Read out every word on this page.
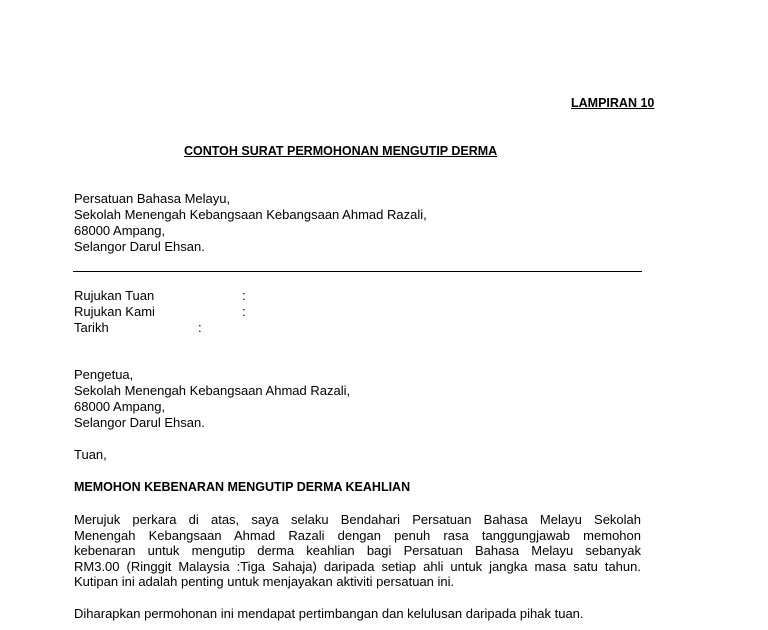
LAMPIRAN 10
CONTOH SURAT PERMOHONAN MENGUTIP DERMA
Persatuan Bahasa Melayu,
Sekolah Menengah Kebangsaan Kebangsaan Ahmad Razali,
68000 Ampang,
Selangor Darul Ehsan.
Rujukan Tuan	:
Rujukan Kami	:
Tarikh	:
Pengetua,
Sekolah Menengah Kebangsaan Ahmad Razali,
68000 Ampang,
Selangor Darul Ehsan.
Tuan,
MEMOHON KEBENARAN MENGUTIP DERMA KEAHLIAN
Merujuk perkara di atas, saya selaku Bendahari Persatuan Bahasa Melayu Sekolah
Menengah Kebangsaan Ahmad Razali dengan penuh rasa tanggungjawab memohon
kebenaran untuk mengutip derma keahlian bagi Persatuan Bahasa Melayu sebanyak
RM3.00 (Ringgit Malaysia :Tiga Sahaja) daripada setiap ahli untuk jangka masa satu tahun.
Kutipan ini adalah penting untuk menjayakan aktiviti persatuan ini.
Diharapkan permohonan ini mendapat pertimbangan dan kelulusan daripada pihak tuan.
